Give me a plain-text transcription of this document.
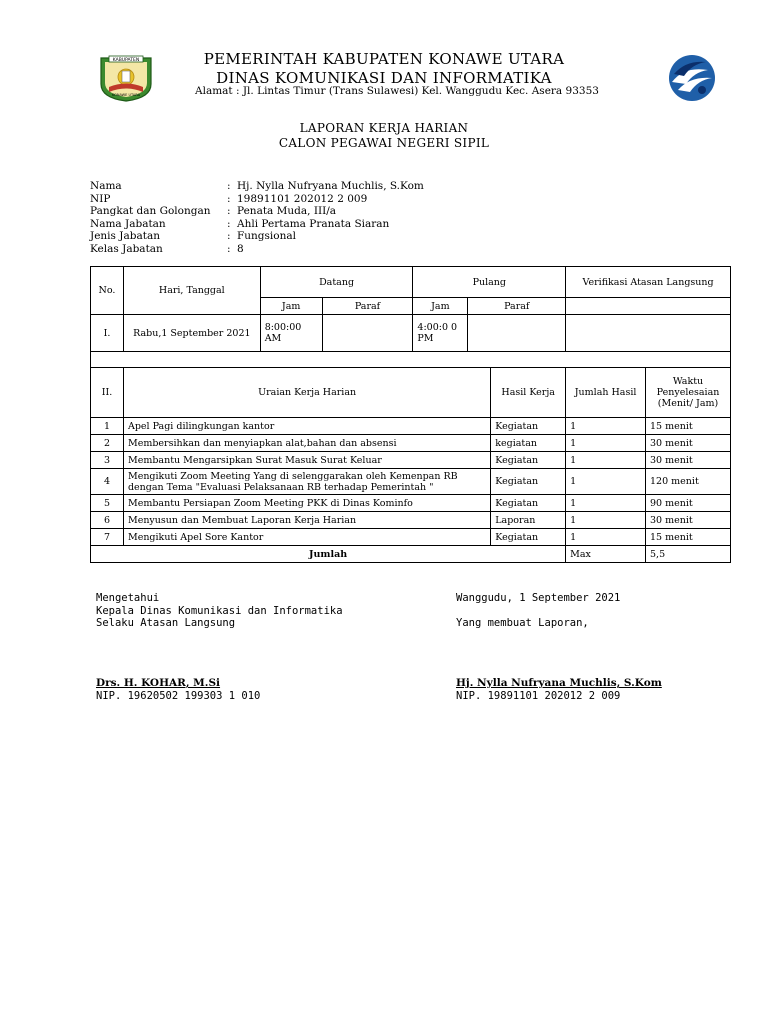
KABUPATEN
KONAWE UTARA
PEMERINTAH KABUPATEN KONAWE UTARA
DINAS KOMUNIKASI DAN INFORMATIKA
Alamat : Jl. Lintas Timur (Trans Sulawesi) Kel. Wanggudu Kec. Asera 93353
LAPORAN KERJA HARIAN
CALON PEGAWAI NEGERI SIPIL
Nama	: Hj. Nylla Nufryana Muchlis, S.Kom
NIP	: 19891101 202012 2 009
Pangkat dan Golongan : Penata Muda, III/a
Nama Jabatan	: Ahli Pertama Pranata Siaran
Jenis Jabatan	: Fungsional
Kelas Jabatan	: 8
No.	Hari, Tanggal	Datang		Pulang			Verifikasi Atasan Langsung	
		Jam	Paraf	Jam	Paraf			
I.	Rabu,1 September 2021	8:00:00 AM		4:00:0 0 PM				

II.	Uraian Kerja Harian					Hasil Kerja	Jumlah Hasil	Waktu Penyelesaian (Menit/ Jam)
1	Apel Pagi dilingkungan kantor					Kegiatan	1	15 menit
2	Membersihkan dan menyiapkan alat,bahan dan absensi					kegiatan	1	30 menit
3	Membantu Mengarsipkan Surat Masuk Surat Keluar					Kegiatan	1	30 menit
4	Mengikuti Zoom Meeting Yang di selenggarakan oleh Kemenpan RB dengan Tema "Evaluasi Pelaksanaan RB terhadap Pemerintah "					Kegiatan	1	120 menit
5	Membantu Persiapan Zoom Meeting PKK di Dinas Kominfo					Kegiatan	1	90 menit
6	Menyusun dan Membuat Laporan Kerja Harian					Laporan	1	30 menit
7	Mengikuti Apel Sore Kantor					Kegiatan	1	15 menit
Jumlah							Max	5,5
Mengetahui
Kepala Dinas Komunikasi dan Informatika
Selaku Atasan Langsung
Wanggudu, 1 September 2021
Yang membuat Laporan,
Drs. H. KOHAR, M.Si
NIP. 19620502 199303 1 010
Hj. Nylla Nufryana Muchlis, S.Kom
NIP. 19891101 202012 2 009
